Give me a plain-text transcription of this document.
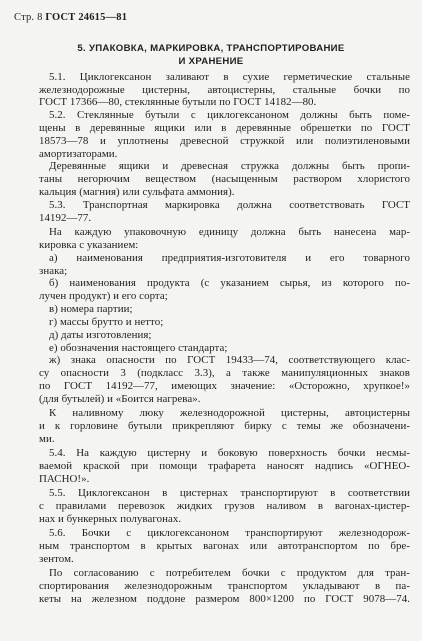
Стр. 8 ГОСТ 24615—81
5. УПАКОВКА, МАРКИРОВКА, ТРАНСПОРТИРОВАНИЕ
И ХРАНЕНИЕ
5.1. Циклогексанон заливают в сухие герметические стальные
железнодорожные цистерны, автоцистерны, стальные бочки по
ГОСТ 17366—80, стеклянные бутыли по ГОСТ 14182—80.
5.2. Стеклянные бутыли с циклогексаноном должны быть поме-
щены в деревянные ящики или в деревянные обрешетки по ГОСТ
18573—78 и уплотнены древесной стружкой или полиэтиленовыми
амортизаторами.
Деревянные ящики и древесная стружка должны быть пропи-
таны негорючим веществом (насыщенным раствором хлористого
кальция (магния) или сульфата аммония).
5.3. Транспортная маркировка должна соответствовать ГОСТ
14192—77.
На каждую упаковочную единицу должна быть нанесена мар-
кировка с указанием:
а) наименования предприятия-изготовителя и его товарного
знака;
б) наименования продукта (с указанием сырья, из которого по-
лучен продукт) и его сорта;
в) номера партии;
г) массы брутто и нетто;
д) даты изготовления;
е) обозначения настоящего стандарта;
ж) знака опасности по ГОСТ 19433—74, соответствующего клас-
су опасности 3 (подкласс 3.3), а также манипуляционных знаков
по ГОСТ 14192—77, имеющих значение: «Осторожно, хрупкое!»
(для бутылей) и «Боится нагрева».
К наливному люку железнодорожной цистерны, автоцистерны
и к горловине бутыли прикрепляют бирку с темы же обозначени-
ми.
5.4. На каждую цистерну и боковую поверхность бочки несмы-
ваемой краской при помощи трафарета наносят надпись «ОГНЕО-
ПАСНО!».
5.5. Циклогексанон в цистернах транспортируют в соответствии
с правилами перевозок жидких грузов наливом в вагонах-цистер-
нах и бункерных полувагонах.
5.6. Бочки с циклогексаноном транспортируют железнодорож-
ным транспортом в крытых вагонах или автотранспортом по бре-
зентом.
По согласованию с потребителем бочки с продуктом для тран-
спортирования железнодорожным транспортом укладывают в па-
кеты на железном поддоне размером 800×1200 по ГОСТ 9078—74.
